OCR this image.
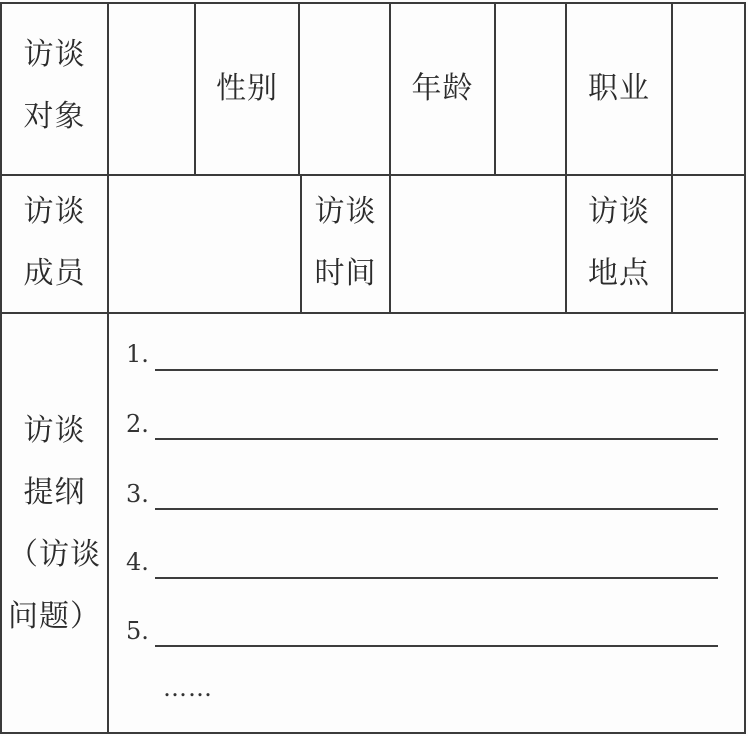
访谈
对象
性别	年龄	职业
访谈
成员
访谈
时间
访谈
地点
访谈
提纲
（访谈
问题）
1.
2.
3.
4.
5.
……
